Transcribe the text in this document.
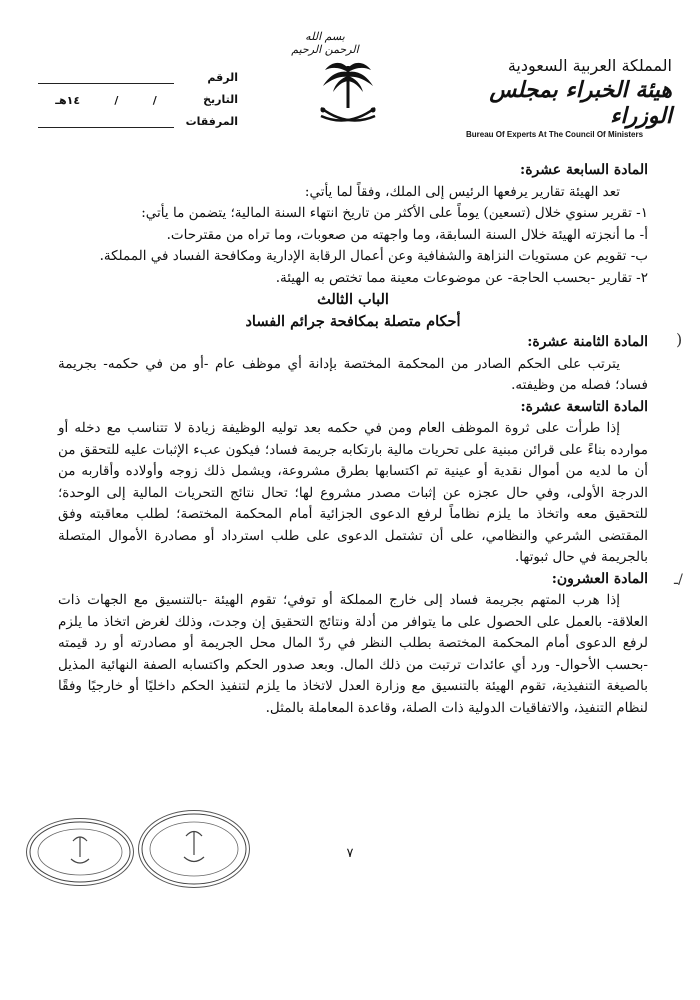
بسم الله الرحمن الرحيم
الرقم
التاريخ
/
/
١٤هـ
المرفقات
المملكة العربية السعودية
هيئة الخبراء بمجلس الوزراء
Bureau Of Experts At The Council Of Ministers

المادة السابعة عشرة:

تعد الهيئة تقارير يرفعها الرئيس إلى الملك، وفقاً لما يأتي:

١- تقرير سنوي خلال (تسعين) يوماً على الأكثر من تاريخ انتهاء السنة المالية؛ يتضمن ما يأتي:

أ- ما أنجزته الهيئة خلال السنة السابقة، وما واجهته من صعوبات، وما تراه من مقترحات.

ب- تقويم عن مستويات النزاهة والشفافية وعن أعمال الرقابة الإدارية ومكافحة الفساد في المملكة.

٢- تقارير -بحسب الحاجة- عن موضوعات معينة مما تختص به الهيئة.

الباب الثالث

أحكام متصلة بمكافحة جرائم الفساد

المادة الثامنة عشرة:

يترتب على الحكم الصادر من المحكمة المختصة بإدانة أي موظف عام -أو من في حكمه- بجريمة فساد؛ فصله من وظيفته.

المادة التاسعة عشرة:

إذا طرأت على ثروة الموظف العام ومن في حكمه بعد توليه الوظيفة زيادة لا تتناسب مع دخله أو موارده بناءً على قرائن مبنية على تحريات مالية بارتكابه جريمة فساد؛ فيكون عبء الإثبات عليه للتحقق من أن ما لديه من أموال نقدية أو عينية تم اكتسابها بطرق مشروعة، ويشمل ذلك زوجه وأولاده وأقاربه من الدرجة الأولى، وفي حال عجزه عن إثبات مصدر مشروع لها؛ تحال نتائج التحريات المالية إلى الوحدة؛ للتحقيق معه واتخاذ ما يلزم نظاماً لرفع الدعوى الجزائية أمام المحكمة المختصة؛ لطلب معاقبته وفق المقتضى الشرعي والنظامي، على أن تشتمل الدعوى على طلب استرداد أو مصادرة الأموال المتصلة بالجريمة في حال ثبوتها.

المادة العشرون:

إذا هرب المتهم بجريمة فساد إلى خارج المملكة أو توفي؛ تقوم الهيئة -بالتنسيق مع الجهات ذات العلاقة- بالعمل على الحصول على ما يتوافر من أدلة ونتائج التحقيق إن وجدت، وذلك لغرض اتخاذ ما يلزم لرفع الدعوى أمام المحكمة المختصة بطلب النظر في ردّ المال محل الجريمة أو مصادرته أو رد قيمته -بحسب الأحوال- ورد أي عائدات ترتبت من ذلك المال. وبعد صدور الحكم واكتسابه الصفة النهائية المذيل بالصيغة التنفيذية، تقوم الهيئة بالتنسيق مع وزارة العدل لاتخاذ ما يلزم لتنفيذ الحكم داخليًا أو خارجيًا وفقًا لنظام التنفيذ، والاتفاقيات الدولية ذات الصلة، وقاعدة المعاملة بالمثل.

٧
)
ـ/
